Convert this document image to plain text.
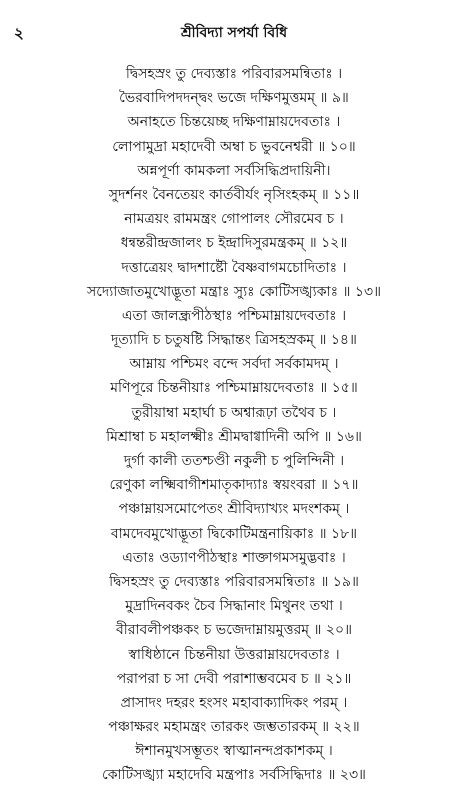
২	শ্রীবিদ্যা সপর্যা বিধি
দ্বিসহস্রং তু দেব্যস্তাঃ পরিবারসমন্বিতাঃ ।
ভৈরবাদিপদদন্দ্বং ভজে দক্ষিণমুত্তমম্ ॥ ৯॥
অনাহতে চিন্তয়েচ্ছ দক্ষিণাম্নায়দেবতাঃ ।
লোপামুদ্রা মহাদেবী অম্বা চ ভুবনেশ্বরী ॥ ১০॥
অন্নপূর্ণা কামকলা সর্বসিদ্ধিপ্রদায়িনী।
সুদর্শনং বৈনতেয়ং কার্তবীর্যং নৃসিংহকম্ ॥ ১১॥
নামত্রয়ং রামমন্ত্রং গোপালং সৌরমেব চ ।
ধন্বন্তরীন্দ্রজালং চ ইন্দ্রাদিসুরমন্ত্রকম্ ॥ ১২॥
দত্তাত্রেয়ং দ্বাদশাষ্টৌ বৈষ্ণবাগমচোদিতাঃ ।
সদ্যোজাতমুখোদ্ভূতা মন্ত্রাঃ স্যুঃ কোটিসঙ্খ্যকাঃ ॥ ১৩॥
এতা জালন্ধ্রপীঠস্থাঃ পশ্চিমাম্নায়দেবতাঃ ।
দূত্যাদি চ চতুষষ্টি সিদ্ধান্তং ত্রিসহস্রকম্ ॥ ১৪॥
আম্নায় পশ্চিমং বন্দে সর্বদা সর্বকামদম্ ।
মণিপূরে চিন্তনীয়াঃ পশ্চিমাম্নায়দেবতাঃ ॥ ১৫॥
তুরীয়াম্বা মহার্ঘা চ অশ্বারূঢ়া তথৈব চ ।
মিশ্রাম্বা চ মহালক্ষ্মীঃ শ্রীমদ্বাগ্বাদিনী অপি ॥ ১৬॥
দুর্গা কালী ততশ্চণ্ডী নকুলী চ পুলিন্দিনী ।
রেণুকা লক্ষ্মিবাগীশমাতৃকাদ্যাঃ স্বয়ংবরা ॥ ১৭॥
পঞ্চাম্নায়সমোপেতং শ্রীবিদ্যাখ্যং মদংশকম্ ।
বামদেবমুখোদ্ভূতা দ্বিকোটিমন্ত্রনায়িকাঃ ॥ ১৮॥
এতাঃ ওড্যাণপীঠস্থাঃ শাক্তাগমসমুদ্ভবাঃ ।
দ্বিসহস্রং তু দেব্যস্তাঃ পরিবারসমন্বিতাঃ ॥ ১৯॥
মুদ্রাদিনবকং চৈব সিদ্ধানাং মিথুনং তথা ।
বীরাবলীপঞ্চকং চ ভজেদাম্নায়মুত্তরম্ ॥ ২০॥
স্বাধিষ্ঠানে চিন্তনীয়া উত্তরাম্নায়দেবতাঃ ।
পরাপরা চ সা দেবী পরাশাম্ভবমেব চ ॥ ২১॥
প্রাসাদং দহরং হংসং মহাবাক্যাদিকং পরম্ ।
পঞ্চাক্ষরং মহামন্ত্রং তারকং জম্ভতারকম্ ॥ ২২॥
ঈশানমুখসম্ভূতং স্বাত্মানন্দপ্রকাশকম্ ।
কোটিসঙ্খ্যা মহাদেবি মন্ত্রপাঃ সর্বসিদ্ধিদাঃ ॥ ২৩॥
